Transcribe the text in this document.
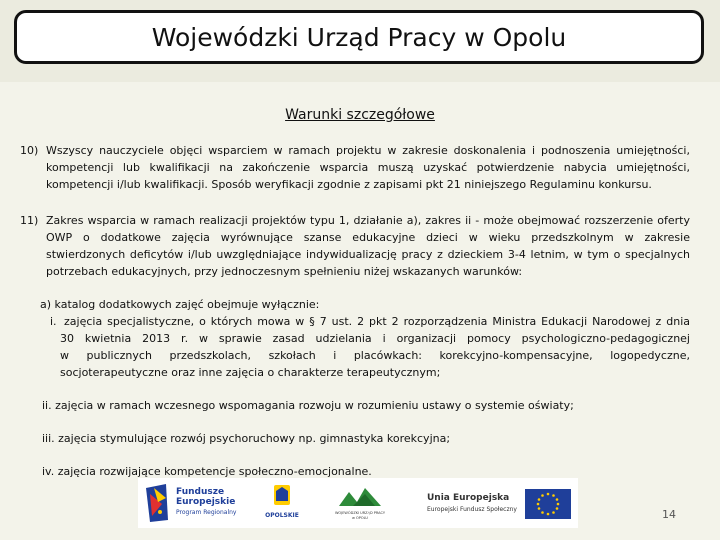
Wojewódzki Urząd Pracy w Opolu
Warunki szczegółowe
10) Wszyscy nauczyciele objęci wsparciem w ramach projektu w zakresie doskonalenia i podnoszenia umiejętności,
kompetencji lub kwalifikacji na zakończenie wsparcia muszą uzyskać potwierdzenie nabycia umiejętności,
kompetencji i/lub kwalifikacji. Sposób weryfikacji zgodnie z zapisami pkt 21 niniejszego Regulaminu konkursu.
11) Zakres wsparcia w ramach realizacji projektów typu 1, działanie a), zakres ii - może obejmować rozszerzenie oferty
OWP o dodatkowe zajęcia wyrównujące szanse edukacyjne dzieci w wieku przedszkolnym w zakresie
stwierdzonych deficytów i/lub uwzględniające indywidualizację pracy z dzieckiem 3-4 letnim, w tym o specjalnych
potrzebach edukacyjnych, przy jednoczesnym spełnieniu niżej wskazanych warunków:
a) katalog dodatkowych zajęć obejmuje wyłącznie:
i. zajęcia specjalistyczne, o których mowa w § 7 ust. 2 pkt 2 rozporządzenia Ministra Edukacji Narodowej z dnia
30 kwietnia 2013 r. w sprawie zasad udzielania i organizacji pomocy psychologiczno-pedagogicznej
w publicznych przedszkolach, szkołach i placówkach: korekcyjno-kompensacyjne, logopedyczne,
socjoterapeutyczne oraz inne zajęcia o charakterze terapeutycznym;
ii. zajęcia w ramach wczesnego wspomagania rozwoju w rozumieniu ustawy o systemie oświaty;
iii. zajęcia stymulujące rozwój psychoruchowy np. gimnastyka korekcyjna;
iv. zajęcia rozwijające kompetencje społeczno-emocjonalne.
Fundusze
Europejskie
Program Regionalny	OPOLSKIE	WOJEWÓDZKI URZĄD PRACY
w OPOLU
Unia Europejska
Europejski Fundusz Społeczny	14
